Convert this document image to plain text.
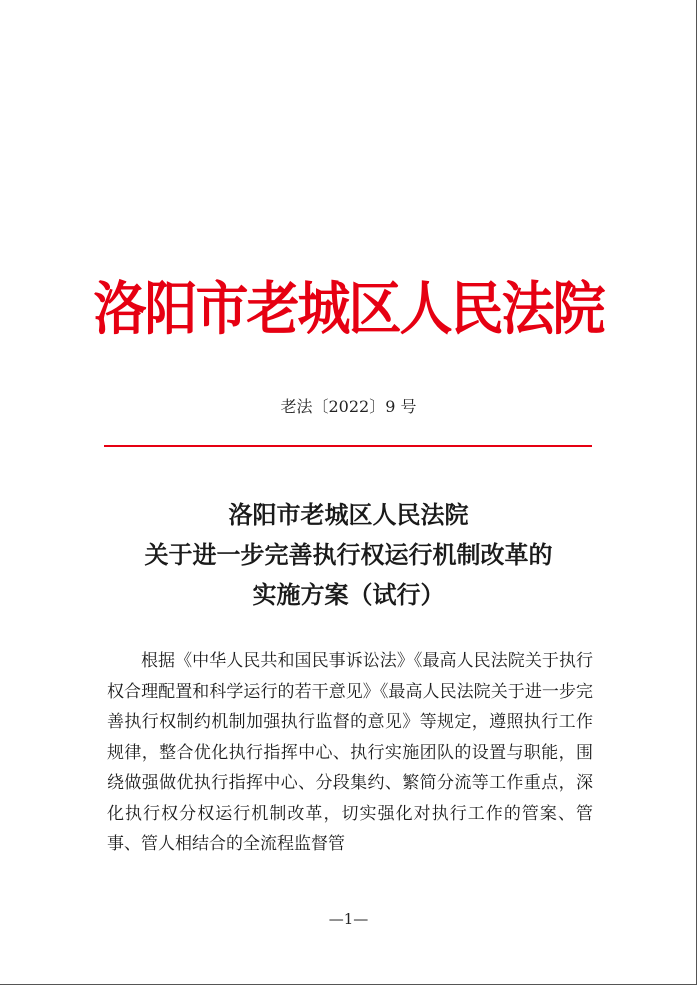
洛阳市老城区人民法院
老法〔2022〕9 号
洛阳市老城区人民法院
关于进一步完善执行权运行机制改革的
实施方案（试行）

根据《中华人民共和国民事诉讼法》《最高人民法院关于执行权合理配置和科学运行的若干意见》《最高人民法院关于进一步完善执行权制约机制加强执行监督的意见》等规定，遵照执行工作规律，整合优化执行指挥中心、执行实施团队的设置与职能，围绕做强做优执行指挥中心、分段集约、繁简分流等工作重点，深化执行权分权运行机制改革，切实强化对执行工作的管案、管事、管人相结合的全流程监督管

—1—
